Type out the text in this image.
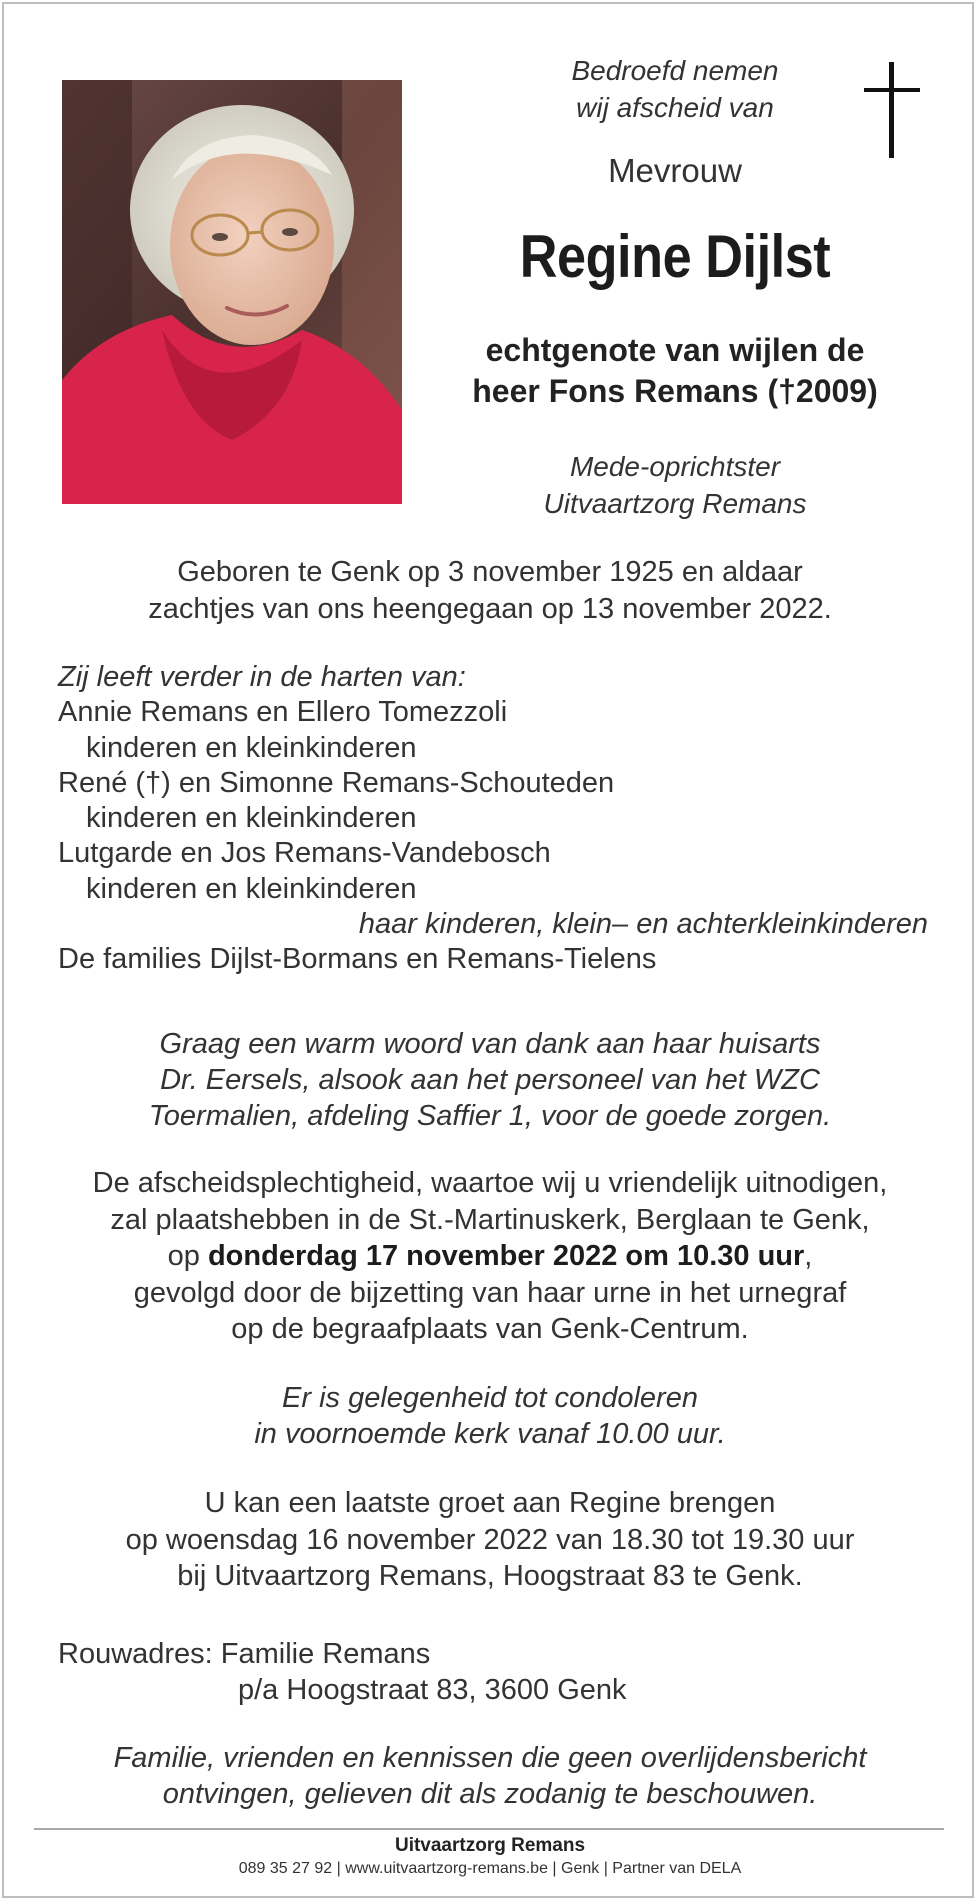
Bedroefd nemen
wij afscheid van
Mevrouw
Regine Dijlst
echtgenote van wijlen de
heer Fons Remans (†2009)
Mede-oprichtster
Uitvaartzorg Remans
Geboren te Genk op 3 november 1925 en aldaar
zachtjes van ons heengegaan op 13 november 2022.
Zij leeft verder in de harten van:
Annie Remans en Ellero Tomezzoli
kinderen en kleinkinderen
René (†) en Simonne Remans-Schouteden
kinderen en kleinkinderen
Lutgarde en Jos Remans-Vandebosch
kinderen en kleinkinderen
haar kinderen, klein– en achterkleinkinderen
De families Dijlst-Bormans en Remans-Tielens
Graag een warm woord van dank aan haar huisarts
Dr. Eersels, alsook aan het personeel van het WZC
Toermalien, afdeling Saffier 1, voor de goede zorgen.
De afscheidsplechtigheid, waartoe wij u vriendelijk uitnodigen,
zal plaatshebben in de St.-Martinuskerk, Berglaan te Genk,
op donderdag 17 november 2022 om 10.30 uur,
gevolgd door de bijzetting van haar urne in het urnegraf
op de begraafplaats van Genk-Centrum.
Er is gelegenheid tot condoleren
in voornoemde kerk vanaf 10.00 uur.
U kan een laatste groet aan Regine brengen
op woensdag 16 november 2022 van 18.30 tot 19.30 uur
bij Uitvaartzorg Remans, Hoogstraat 83 te Genk.
Rouwadres: Familie Remans
p/a Hoogstraat 83, 3600 Genk
Familie, vrienden en kennissen die geen overlijdensbericht
ontvingen, gelieven dit als zodanig te beschouwen.
Uitvaartzorg Remans
089 35 27 92 | www.uitvaartzorg-remans.be | Genk | Partner van DELA
